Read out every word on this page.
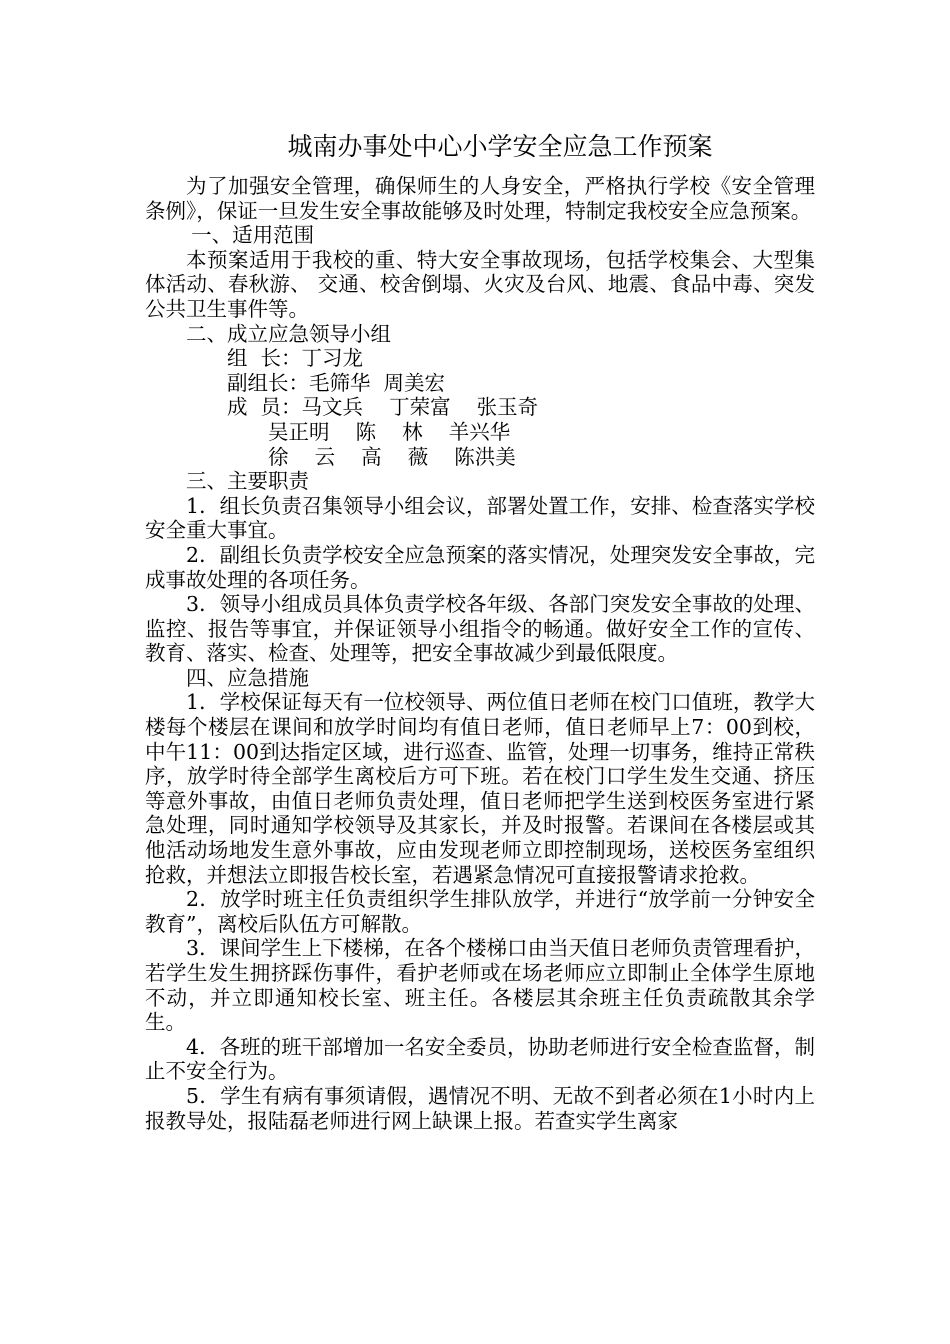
城南办事处中心小学安全应急工作预案

为了加强安全管理，确保师生的人身安全，严格执行学校《安全管理条例》，保证一旦发生安全事故能够及时处理，特制定我校安全应急预案。

一、适用范围

本预案适用于我校的重、特大安全事故现场，包括学校集会、大型集体活动、春秋游、 交通、校舍倒塌、火灾及台风、地震、食品中毒、突发公共卫生事件等。

二、成立应急领导小组

组  长：丁习龙

副组长：毛筛华  周美宏

成  员：马文兵    丁荣富    张玉奇

吴正明    陈    林    羊兴华

徐    云    高    薇    陈洪美

三、主要职责

1．组长负责召集领导小组会议，部署处置工作，安排、检查落实学校安全重大事宜。

2．副组长负责学校安全应急预案的落实情况，处理突发安全事故，完成事故处理的各项任务。

3．领导小组成员具体负责学校各年级、各部门突发安全事故的处理、监控、报告等事宜，并保证领导小组指令的畅通。做好安全工作的宣传、教育、落实、检查、处理等，把安全事故减少到最低限度。

四、应急措施

1．学校保证每天有一位校领导、两位值日老师在校门口值班，教学大楼每个楼层在课间和放学时间均有值日老师，值日老师早上7：00到校，中午11：00到达指定区域，进行巡查、监管，处理一切事务，维持正常秩序，放学时待全部学生离校后方可下班。若在校门口学生发生交通、挤压等意外事故，由值日老师负责处理，值日老师把学生送到校医务室进行紧急处理，同时通知学校领导及其家长，并及时报警。若课间在各楼层或其他活动场地发生意外事故，应由发现老师立即控制现场，送校医务室组织抢救，并想法立即报告校长室，若遇紧急情况可直接报警请求抢救。

2．放学时班主任负责组织学生排队放学，并进行“放学前一分钟安全教育”，离校后队伍方可解散。

3．课间学生上下楼梯，在各个楼梯口由当天值日老师负责管理看护，若学生发生拥挤踩伤事件，看护老师或在场老师应立即制止全体学生原地不动，并立即通知校长室、班主任。各楼层其余班主任负责疏散其余学生。

4．各班的班干部增加一名安全委员，协助老师进行安全检查监督，制止不安全行为。

5．学生有病有事须请假，遇情况不明、无故不到者必须在1小时内上报教导处，报陆磊老师进行网上缺课上报。若查实学生离家
